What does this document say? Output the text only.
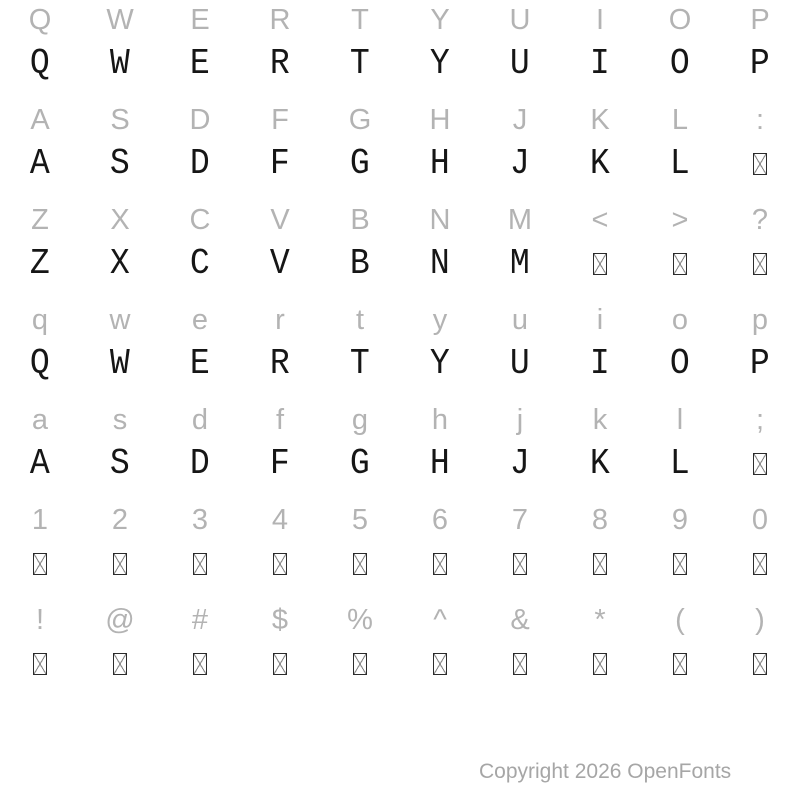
Q W E R T Y U I O P
Q W E R T Y U I O P
A S D F G H J K L :
A S D F G H J K L
Z X C V B N M < > ?
Z X C V B N M
q w e r t y u i o p
Q W E R T Y U I O P
a s d f g h j k l	;
A S D F G H J K L
1 2 3 4 5 6 7 8 9 0
! @ # $ % ^ & * ( )
Copyright 2026 OpenFonts
